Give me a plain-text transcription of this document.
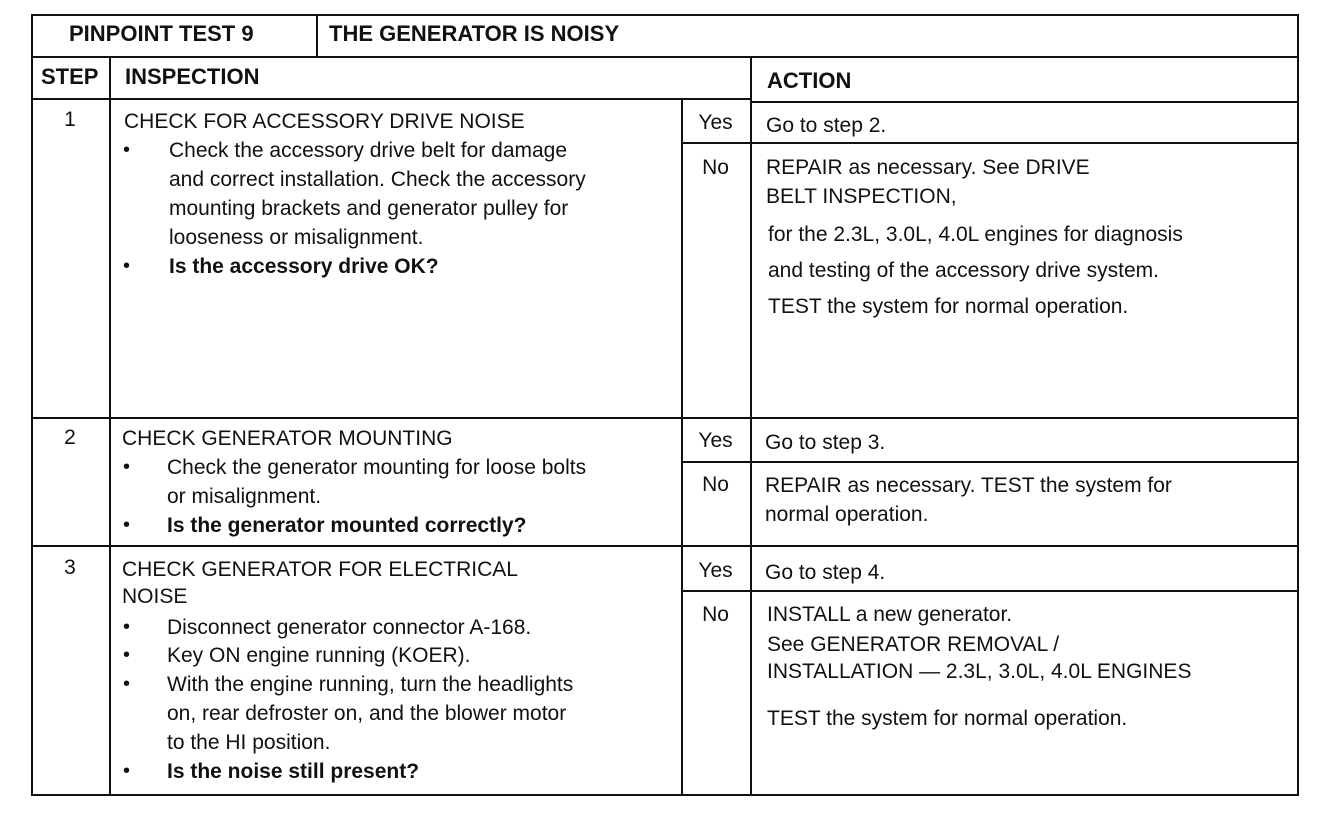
PINPOINT TEST 9	THE GENERATOR IS NOISY
STEP INSPECTION	ACTION
1	CHECK FOR ACCESSORY DRIVE NOISE
• Check the accessory drive belt for damage
and correct installation. Check the accessory
mounting brackets and generator pulley for
looseness or misalignment.
• Is the accessory drive OK?
Yes	Go to step 2.
No	REPAIR as necessary. See DRIVE
BELT INSPECTION,
for the 2.3L, 3.0L, 4.0L engines for diagnosis
and testing of the accessory drive system.
TEST the system for normal operation.
2	CHECK GENERATOR MOUNTING
• Check the generator mounting for loose bolts
or misalignment.
• Is the generator mounted correctly?
Yes	Go to step 3.
No	REPAIR as necessary. TEST the system for
normal operation.
3	CHECK GENERATOR FOR ELECTRICAL
NOISE
• Disconnect generator connector A-168.
• Key ON engine running (KOER).
• With the engine running, turn the headlights
on, rear defroster on, and the blower motor
to the HI position.
• Is the noise still present?
Yes	Go to step 4.
No	INSTALL a new generator.
See GENERATOR REMOVAL /
INSTALLATION — 2.3L, 3.0L, 4.0L ENGINES
TEST the system for normal operation.
